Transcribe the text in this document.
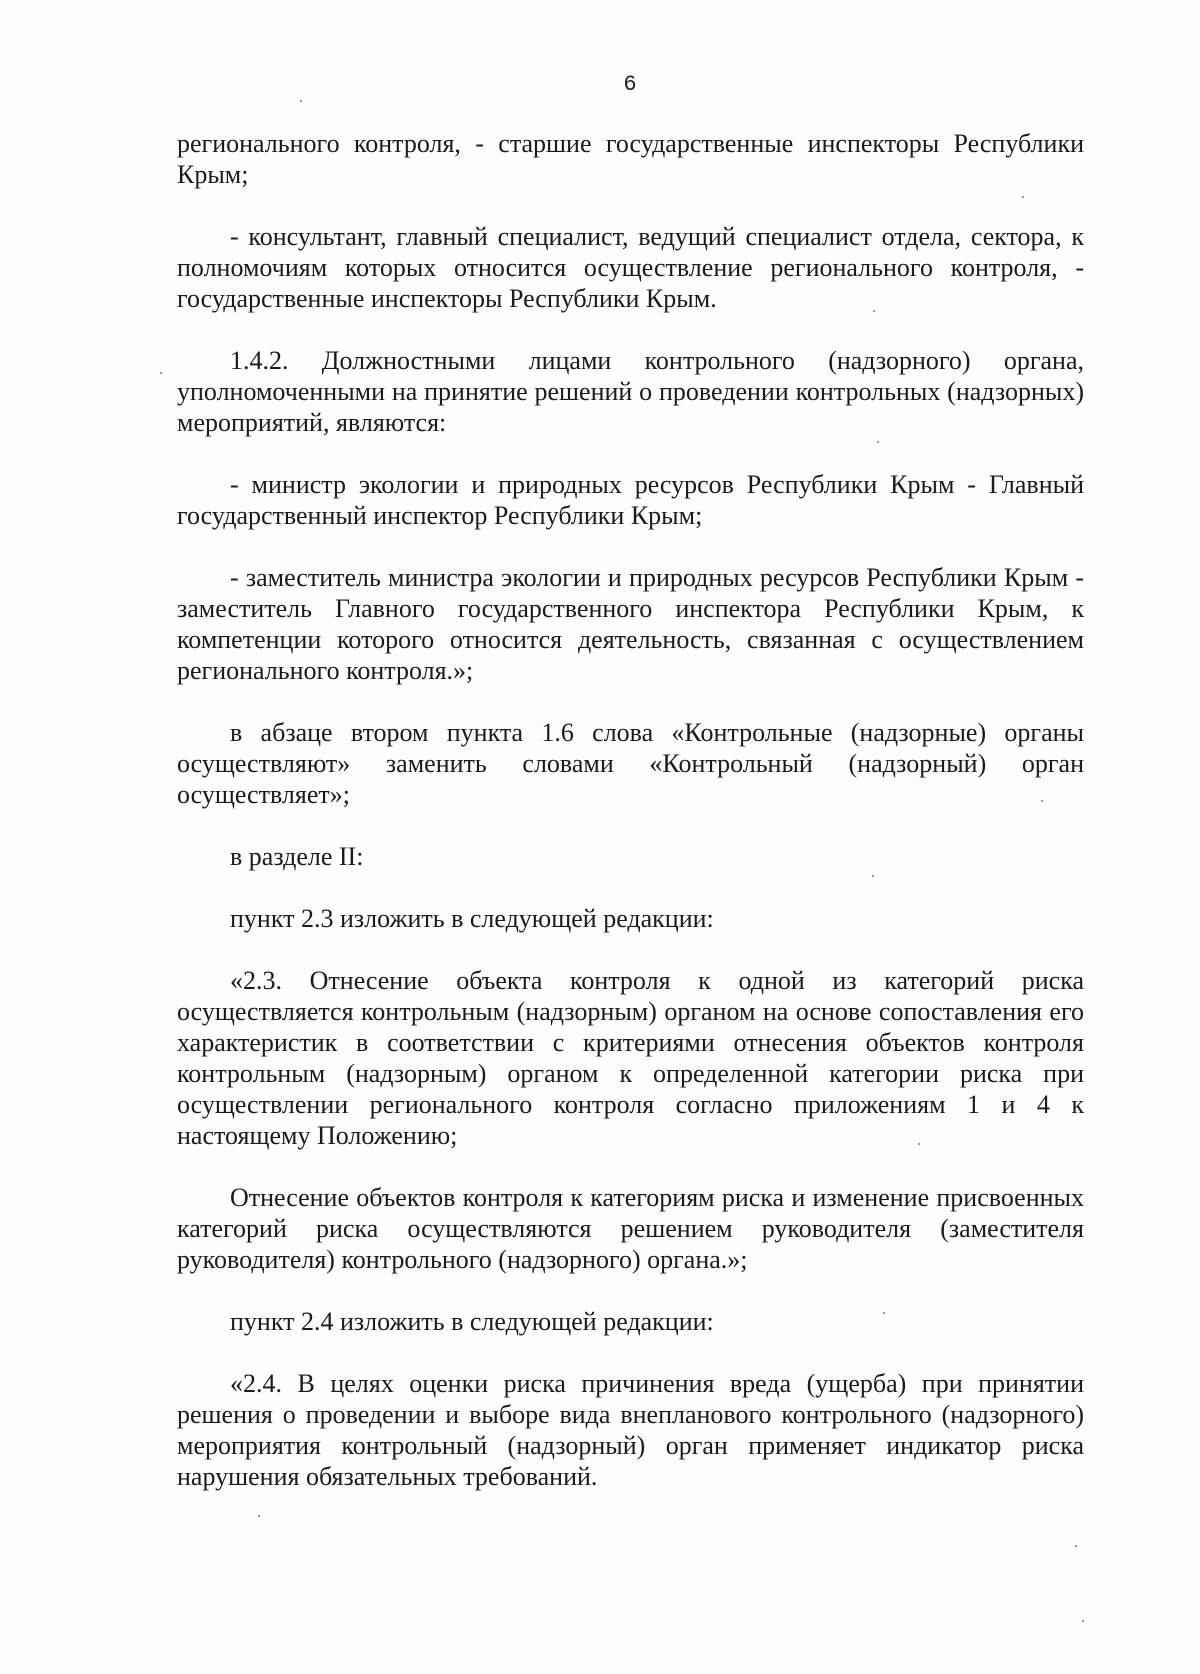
6

регионального контроля, - старшие государственные инспекторы Республики Крым;

- консультант, главный специалист, ведущий специалист отдела, сектора, к полномочиям которых относится осуществление регионального контроля, - государственные инспекторы Республики Крым.

1.4.2. Должностными лицами контрольного (надзорного) органа, уполномоченными на принятие решений о проведении контрольных (надзорных) мероприятий, являются:

- министр экологии и природных ресурсов Республики Крым - Главный государственный инспектор Республики Крым;

- заместитель министра экологии и природных ресурсов Республики Крым - заместитель Главного государственного инспектора Республики Крым, к компетенции которого относится деятельность, связанная с осуществлением регионального контроля.»;

в абзаце втором пункта 1.6 слова «Контрольные (надзорные) органы осуществляют» заменить словами «Контрольный (надзорный) орган осуществляет»;

в разделе II:

пункт 2.3 изложить в следующей редакции:

«2.3. Отнесение объекта контроля к одной из категорий риска осуществляется контрольным (надзорным) органом на основе сопоставления его характеристик в соответствии с критериями отнесения объектов контроля контрольным (надзорным) органом к определенной категории риска при осуществлении регионального контроля согласно приложениям 1 и 4 к настоящему Положению;

Отнесение объектов контроля к категориям риска и изменение присвоенных категорий риска осуществляются решением руководителя (заместителя руководителя) контрольного (надзорного) органа.»;

пункт 2.4 изложить в следующей редакции:

«2.4. В целях оценки риска причинения вреда (ущерба) при принятии решения о проведении и выборе вида внепланового контрольного (надзорного) мероприятия контрольный (надзорный) орган применяет индикатор риска нарушения обязательных требований.
